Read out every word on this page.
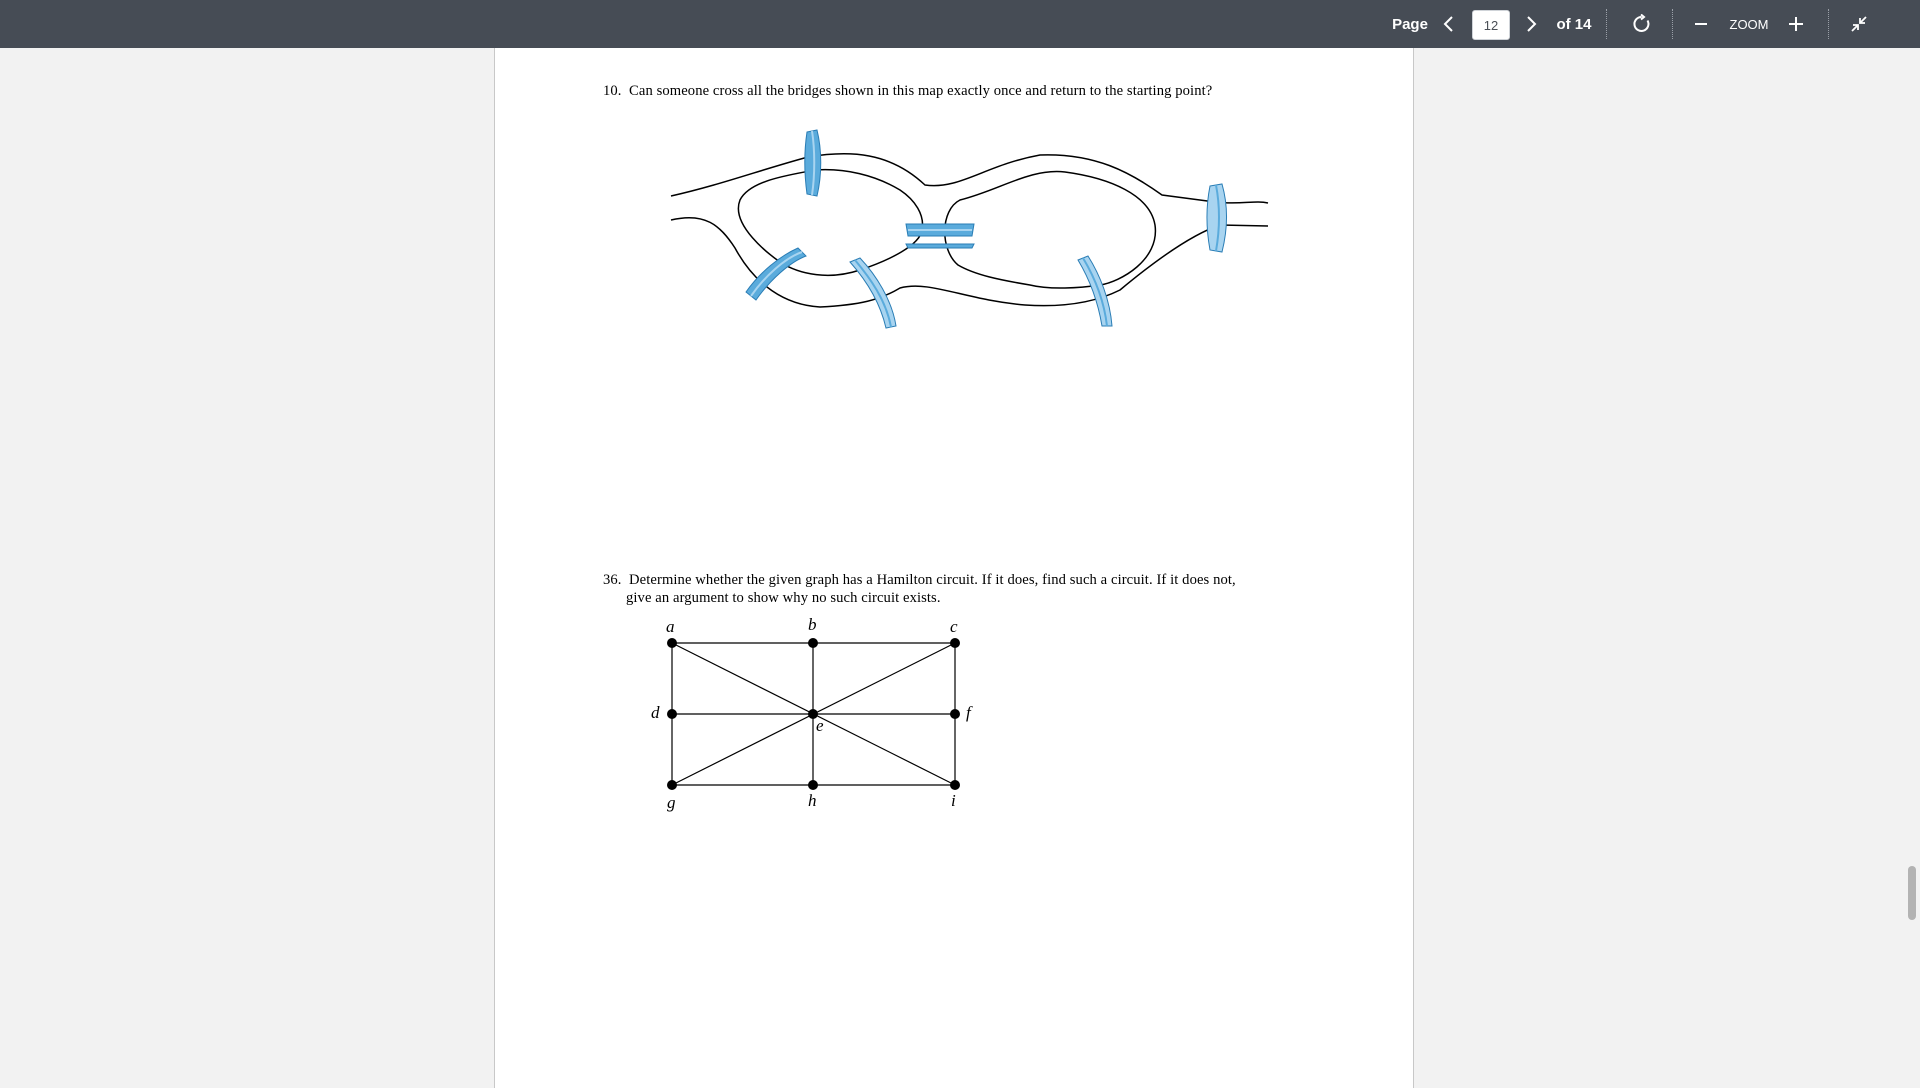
Page
12	of 14	ZOOM
10. Can someone cross all the bridges shown in this map exactly once and return to the starting point?
36. Determine whether the given graph has a Hamilton circuit. If it does, find such a circuit. If it does not,
give an argument to show why no such circuit exists.
a	b	c
d
e
f
g	h	i
